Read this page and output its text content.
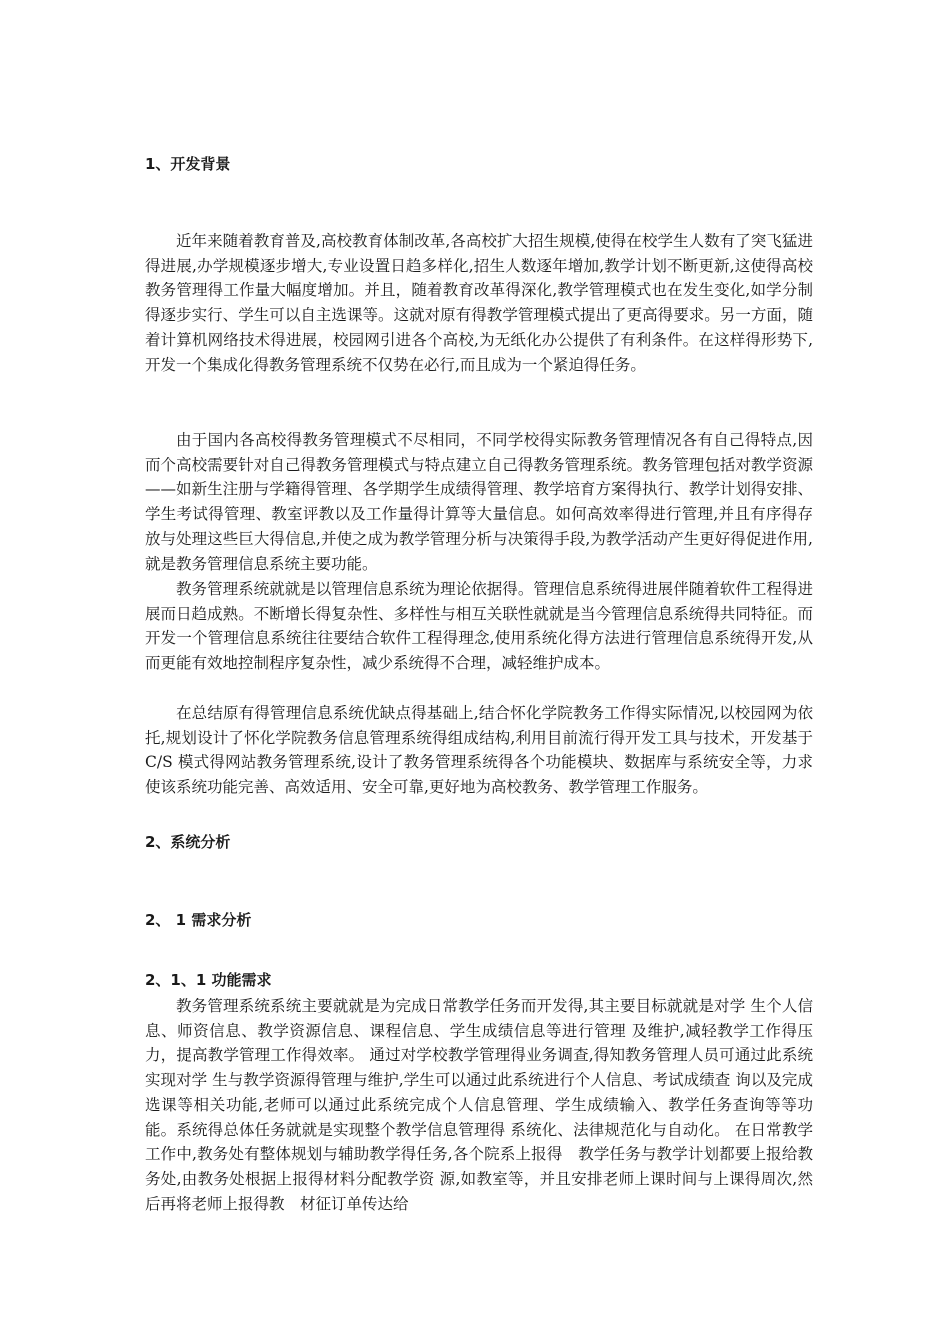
1、开发背景

近年来随着教育普及,高校教育体制改革,各高校扩大招生规模,使得在校学生人数有了突飞猛进得进展,办学规模逐步增大,专业设置日趋多样化,招生人数逐年增加,教学计划不断更新,这使得高校教务管理得工作量大幅度增加。并且，随着教育改革得深化,教学管理模式也在发生变化,如学分制得逐步实行、学生可以自主选课等。这就对原有得教学管理模式提出了更高得要求。另一方面，随着计算机网络技术得进展，校园网引进各个高校,为无纸化办公提供了有利条件。在这样得形势下,开发一个集成化得教务管理系统不仅势在必行,而且成为一个紧迫得任务。

由于国内各高校得教务管理模式不尽相同，不同学校得实际教务管理情况各有自己得特点,因而个高校需要针对自己得教务管理模式与特点建立自己得教务管理系统。教务管理包括对教学资源——如新生注册与学籍得管理、各学期学生成绩得管理、教学培育方案得执行、教学计划得安排、学生考试得管理、教室评教以及工作量得计算等大量信息。如何高效率得进行管理,并且有序得存放与处理这些巨大得信息,并使之成为教学管理分析与决策得手段,为教学活动产生更好得促进作用,就是教务管理信息系统主要功能。

教务管理系统就就是以管理信息系统为理论依据得。管理信息系统得进展伴随着软件工程得进展而日趋成熟。不断增长得复杂性、多样性与相互关联性就就是当今管理信息系统得共同特征。而开发一个管理信息系统往往要结合软件工程得理念,使用系统化得方法进行管理信息系统得开发,从而更能有效地控制程序复杂性，减少系统得不合理，减轻维护成本。

在总结原有得管理信息系统优缺点得基础上,结合怀化学院教务工作得实际情况,以校园网为依托,规划设计了怀化学院教务信息管理系统得组成结构,利用目前流行得开发工具与技术，开发基于 C/S 模式得网站教务管理系统,设计了教务管理系统得各个功能模块、数据库与系统安全等，力求使该系统功能完善、高效适用、安全可靠,更好地为高校教务、教学管理工作服务。

2、系统分析
2、 1 需求分析
2、1、1 功能需求

教务管理系统系统主要就就是为完成日常教学任务而开发得,其主要目标就就是对学 生个人信息、师资信息、教学资源信息、课程信息、学生成绩信息等进行管理 及维护,减轻教学工作得压力，提高教学管理工作得效率。 通过对学校教学管理得业务调查,得知教务管理人员可通过此系统实现对学 生与教学资源得管理与维护,学生可以通过此系统进行个人信息、考试成绩查 询以及完成选课等相关功能,老师可以通过此系统完成个人信息管理、学生成绩输入、教学任务查询等等功能。系统得总体任务就就是实现整个教学信息管理得 系统化、法律规范化与自动化。 在日常教学工作中,教务处有整体规划与辅助教学得任务,各个院系上报得　教学任务与教学计划都要上报给教务处,由教务处根据上报得材料分配教学资 源,如教室等，并且安排老师上课时间与上课得周次,然后再将老师上报得教　材征订单传达给
